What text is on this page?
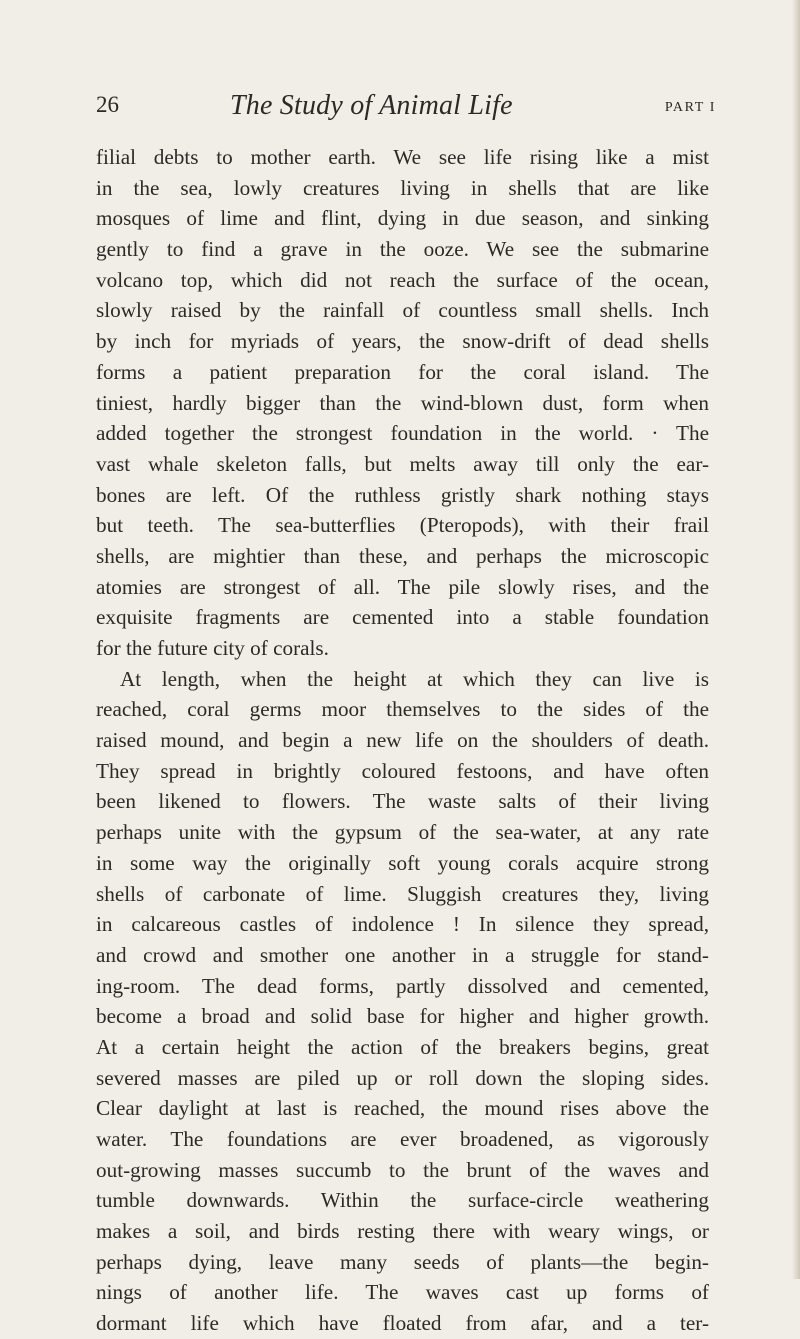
26	The Study of Animal Life	PART I
filial debts to mother earth. We see life rising like a mist
in the sea, lowly creatures living in shells that are like
mosques of lime and flint, dying in due season, and sinking
gently to find a grave in the ooze. We see the submarine
volcano top, which did not reach the surface of the ocean,
slowly raised by the rainfall of countless small shells. Inch
by inch for myriads of years, the snow-drift of dead shells
forms a patient preparation for the coral island. The
tiniest, hardly bigger than the wind-blown dust, form when
added together the strongest foundation in the world. · The
vast whale skeleton falls, but melts away till only the ear-
bones are left. Of the ruthless gristly shark nothing stays
but teeth. The sea-butterflies (Pteropods), with their frail
shells, are mightier than these, and perhaps the microscopic
atomies are strongest of all. The pile slowly rises, and the
exquisite fragments are cemented into a stable foundation
for the future city of corals.
At length, when the height at which they can live is
reached, coral germs moor themselves to the sides of the
raised mound, and begin a new life on the shoulders of death.
They spread in brightly coloured festoons, and have often
been likened to flowers. The waste salts of their living
perhaps unite with the gypsum of the sea-water, at any rate
in some way the originally soft young corals acquire strong
shells of carbonate of lime. Sluggish creatures they, living
in calcareous castles of indolence ! In silence they spread,
and crowd and smother one another in a struggle for stand-
ing-room. The dead forms, partly dissolved and cemented,
become a broad and solid base for higher and higher growth.
At a certain height the action of the breakers begins, great
severed masses are piled up or roll down the sloping sides.
Clear daylight at last is reached, the mound rises above the
water. The foundations are ever broadened, as vigorously
out-growing masses succumb to the brunt of the waves and
tumble downwards. Within the surface-circle weathering
makes a soil, and birds resting there with weary wings, or
perhaps dying, leave many seeds of plants—the begin-
nings of another life. The waves cast up forms of
dormant life which have floated from afar, and a ter-
